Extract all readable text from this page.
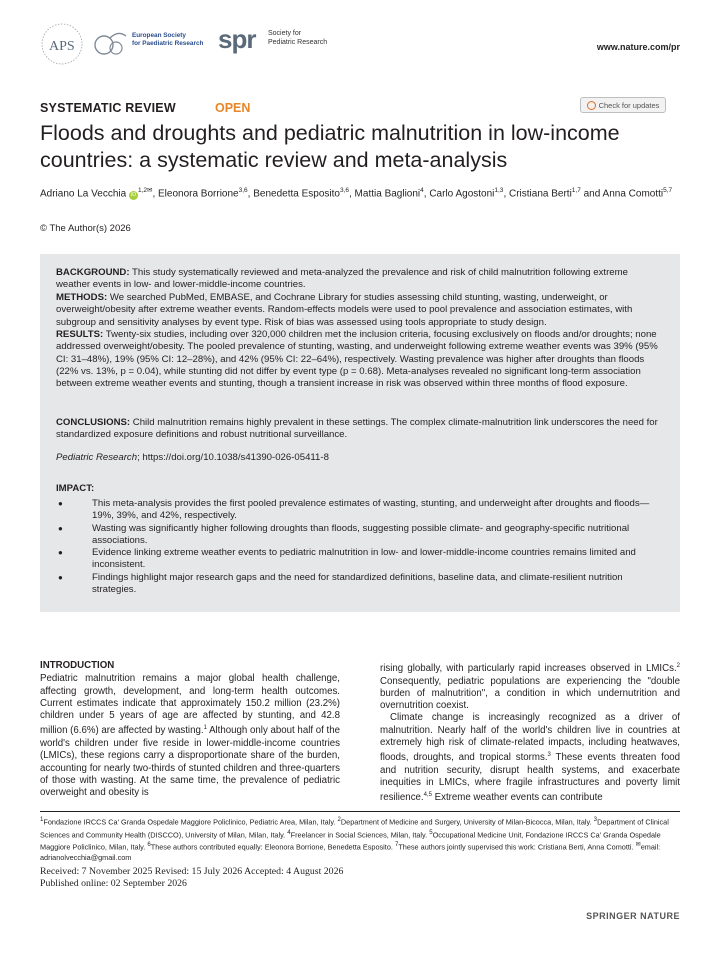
APS
European Society
for Paediatric Research spr Society for
Pediatric Research	www.nature.com/pr
SYSTEMATIC REVIEW	OPEN	Check for updates
Floods and droughts and pediatric malnutrition in low-income countries: a systematic review and meta-analysis
Adriano La Vecchia $iD^{1,2✉}$, Eleonora Borrione$^{3,6}$, Benedetta Esposito$^{3,6}$, Mattia Baglioni$^4$, Carlo Agostoni$^{1,3}$, Cristiana Berti$^{1,7}$ and Anna Comotti$^{5,7}$
© The Author(s) 2026
BACKGROUND: This study systematically reviewed and meta-analyzed the prevalence and risk of child malnutrition following extreme weather events in low- and lower-middle-income countries.
METHODS: We searched PubMed, EMBASE, and Cochrane Library for studies assessing child stunting, wasting, underweight, or overweight/obesity after extreme weather events. Random-effects models were used to pool prevalence and association estimates, with subgroup and sensitivity analyses by event type. Risk of bias was assessed using tools appropriate to study design.
RESULTS: Twenty-six studies, including over 320,000 children met the inclusion criteria, focusing exclusively on floods and/or droughts; none addressed overweight/obesity. The pooled prevalence of stunting, wasting, and underweight following extreme weather events was 39% (95% CI: 31–48%), 19% (95% CI: 12–28%), and 42% (95% CI: 22–64%), respectively. Wasting prevalence was higher after droughts than floods (22% vs. 13%, p = 0.04), while stunting did not differ by event type (p = 0.68). Meta-analyses revealed no significant long-term association between extreme weather events and stunting, though a transient increase in risk was observed within three months of flood exposure.
CONCLUSIONS: Child malnutrition remains highly prevalent in these settings. The complex climate-malnutrition link underscores the need for standardized exposure definitions and robust nutritional surveillance.
Pediatric Research; https://doi.org/10.1038/s41390-026-05411-8
IMPACT:
● This meta-analysis provides the first pooled prevalence estimates of wasting, stunting, and underweight after droughts and floods—19%, 39%, and 42%, respectively.
● Wasting was significantly higher following droughts than floods, suggesting possible climate- and geography-specific nutritional associations.
● Evidence linking extreme weather events to pediatric malnutrition in low- and lower-middle-income countries remains limited and inconsistent.
● Findings highlight major research gaps and the need for standardized definitions, baseline data, and climate-resilient nutrition strategies.
INTRODUCTION

Pediatric malnutrition remains a major global health challenge, affecting growth, development, and long-term health outcomes. Current estimates indicate that approximately 150.2 million (23.2%) children under 5 years of age are affected by stunting, and 42.8 million (6.6%) are affected by wasting.$^1$ Although only about half of the world's children under five reside in lower-middle-income countries (LMICs), these regions carry a disproportionate share of the burden, accounting for nearly two-thirds of stunted children and three-quarters of those with wasting. At the same time, the prevalence of pediatric overweight and obesity is

rising globally, with particularly rapid increases observed in LMICs.$^2$ Consequently, pediatric populations are experiencing the "double burden of malnutrition", a condition in which undernutrition and overnutrition coexist.

Climate change is increasingly recognized as a driver of malnutrition. Nearly half of the world's children live in countries at extremely high risk of climate-related impacts, including heatwaves, floods, droughts, and tropical storms.$^3$ These events threaten food and nutrition security, disrupt health systems, and exacerbate inequities in LMICs, where fragile infrastructures and poverty limit resilience.$^{4,5}$ Extreme weather events can contribute

$^1$Fondazione IRCCS Ca' Granda Ospedale Maggiore Policlinico, Pediatric Area, Milan, Italy. $^2$Department of Medicine and Surgery, University of Milan-Bicocca, Milan, Italy. $^3$Department of Clinical Sciences and Community Health (DISCCO), University of Milan, Milan, Italy. $^4$Freelancer in Social Sciences, Milan, Italy. $^5$Occupational Medicine Unit, Fondazione IRCCS Ca' Granda Ospedale Maggiore Policlinico, Milan, Italy. $^6$These authors contributed equally: Eleonora Borrione, Benedetta Esposito. $^7$These authors jointly supervised this work: Cristiana Berti, Anna Comotti. ✉email: adrianolvecchia@gmail.com
Received: 7 November 2025 Revised: 15 July 2026 Accepted: 4 August 2026
Published online: 02 September 2026
SPRINGER NATURE
